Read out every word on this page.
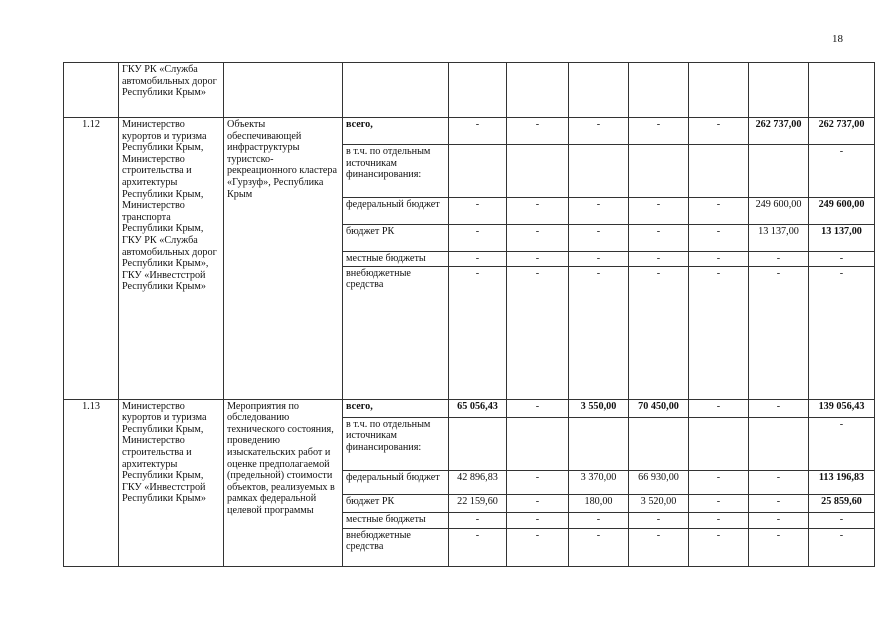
18
	ГКУ РК «Служба автомобильных дорог Республики Крым»									
1.12	Министерство курортов и туризма Республики Крым, Министерство строительства и архитектуры Республики Крым, Министерство транспорта Республики Крым, ГКУ РК «Служба автомобильных дорог Республики Крым», ГКУ «Инвестстрой Республики Крым»	Объекты обеспечивающей инфраструктуры туристско-рекреационного кластера «Гурзуф», Республика Крым	всего,	-	-	-	-	-	262 737,00	262 737,00
			в т.ч. по отдельным источникам финансирования:							-
			федеральный бюджет	-	-	-	-	-	249 600,00	249 600,00
			бюджет РК	-	-	-	-	-	13 137,00	13 137,00
			местные бюджеты	-	-	-	-	-	-	-
			внебюджетные средства	-	-	-	-	-	-	-
1.13	Министерство курортов и туризма Республики Крым, Министерство строительства и архитектуры Республики Крым, ГКУ «Инвестстрой Республики Крым»	Мероприятия по обследованию технического состояния, проведению изыскательских работ и оценке предполагаемой (предельной) стоимости объектов, реализуемых в рамках федеральной целевой программы	всего,	65 056,43	-	3 550,00	70 450,00	-	-	139 056,43
			в т.ч. по отдельным источникам финансирования:							-
			федеральный бюджет	42 896,83	-	3 370,00	66 930,00	-	-	113 196,83
			бюджет РК	22 159,60	-	180,00	3 520,00	-	-	25 859,60
			местные бюджеты	-	-	-	-	-	-	-
			внебюджетные средства	-	-	-	-	-	-	-
